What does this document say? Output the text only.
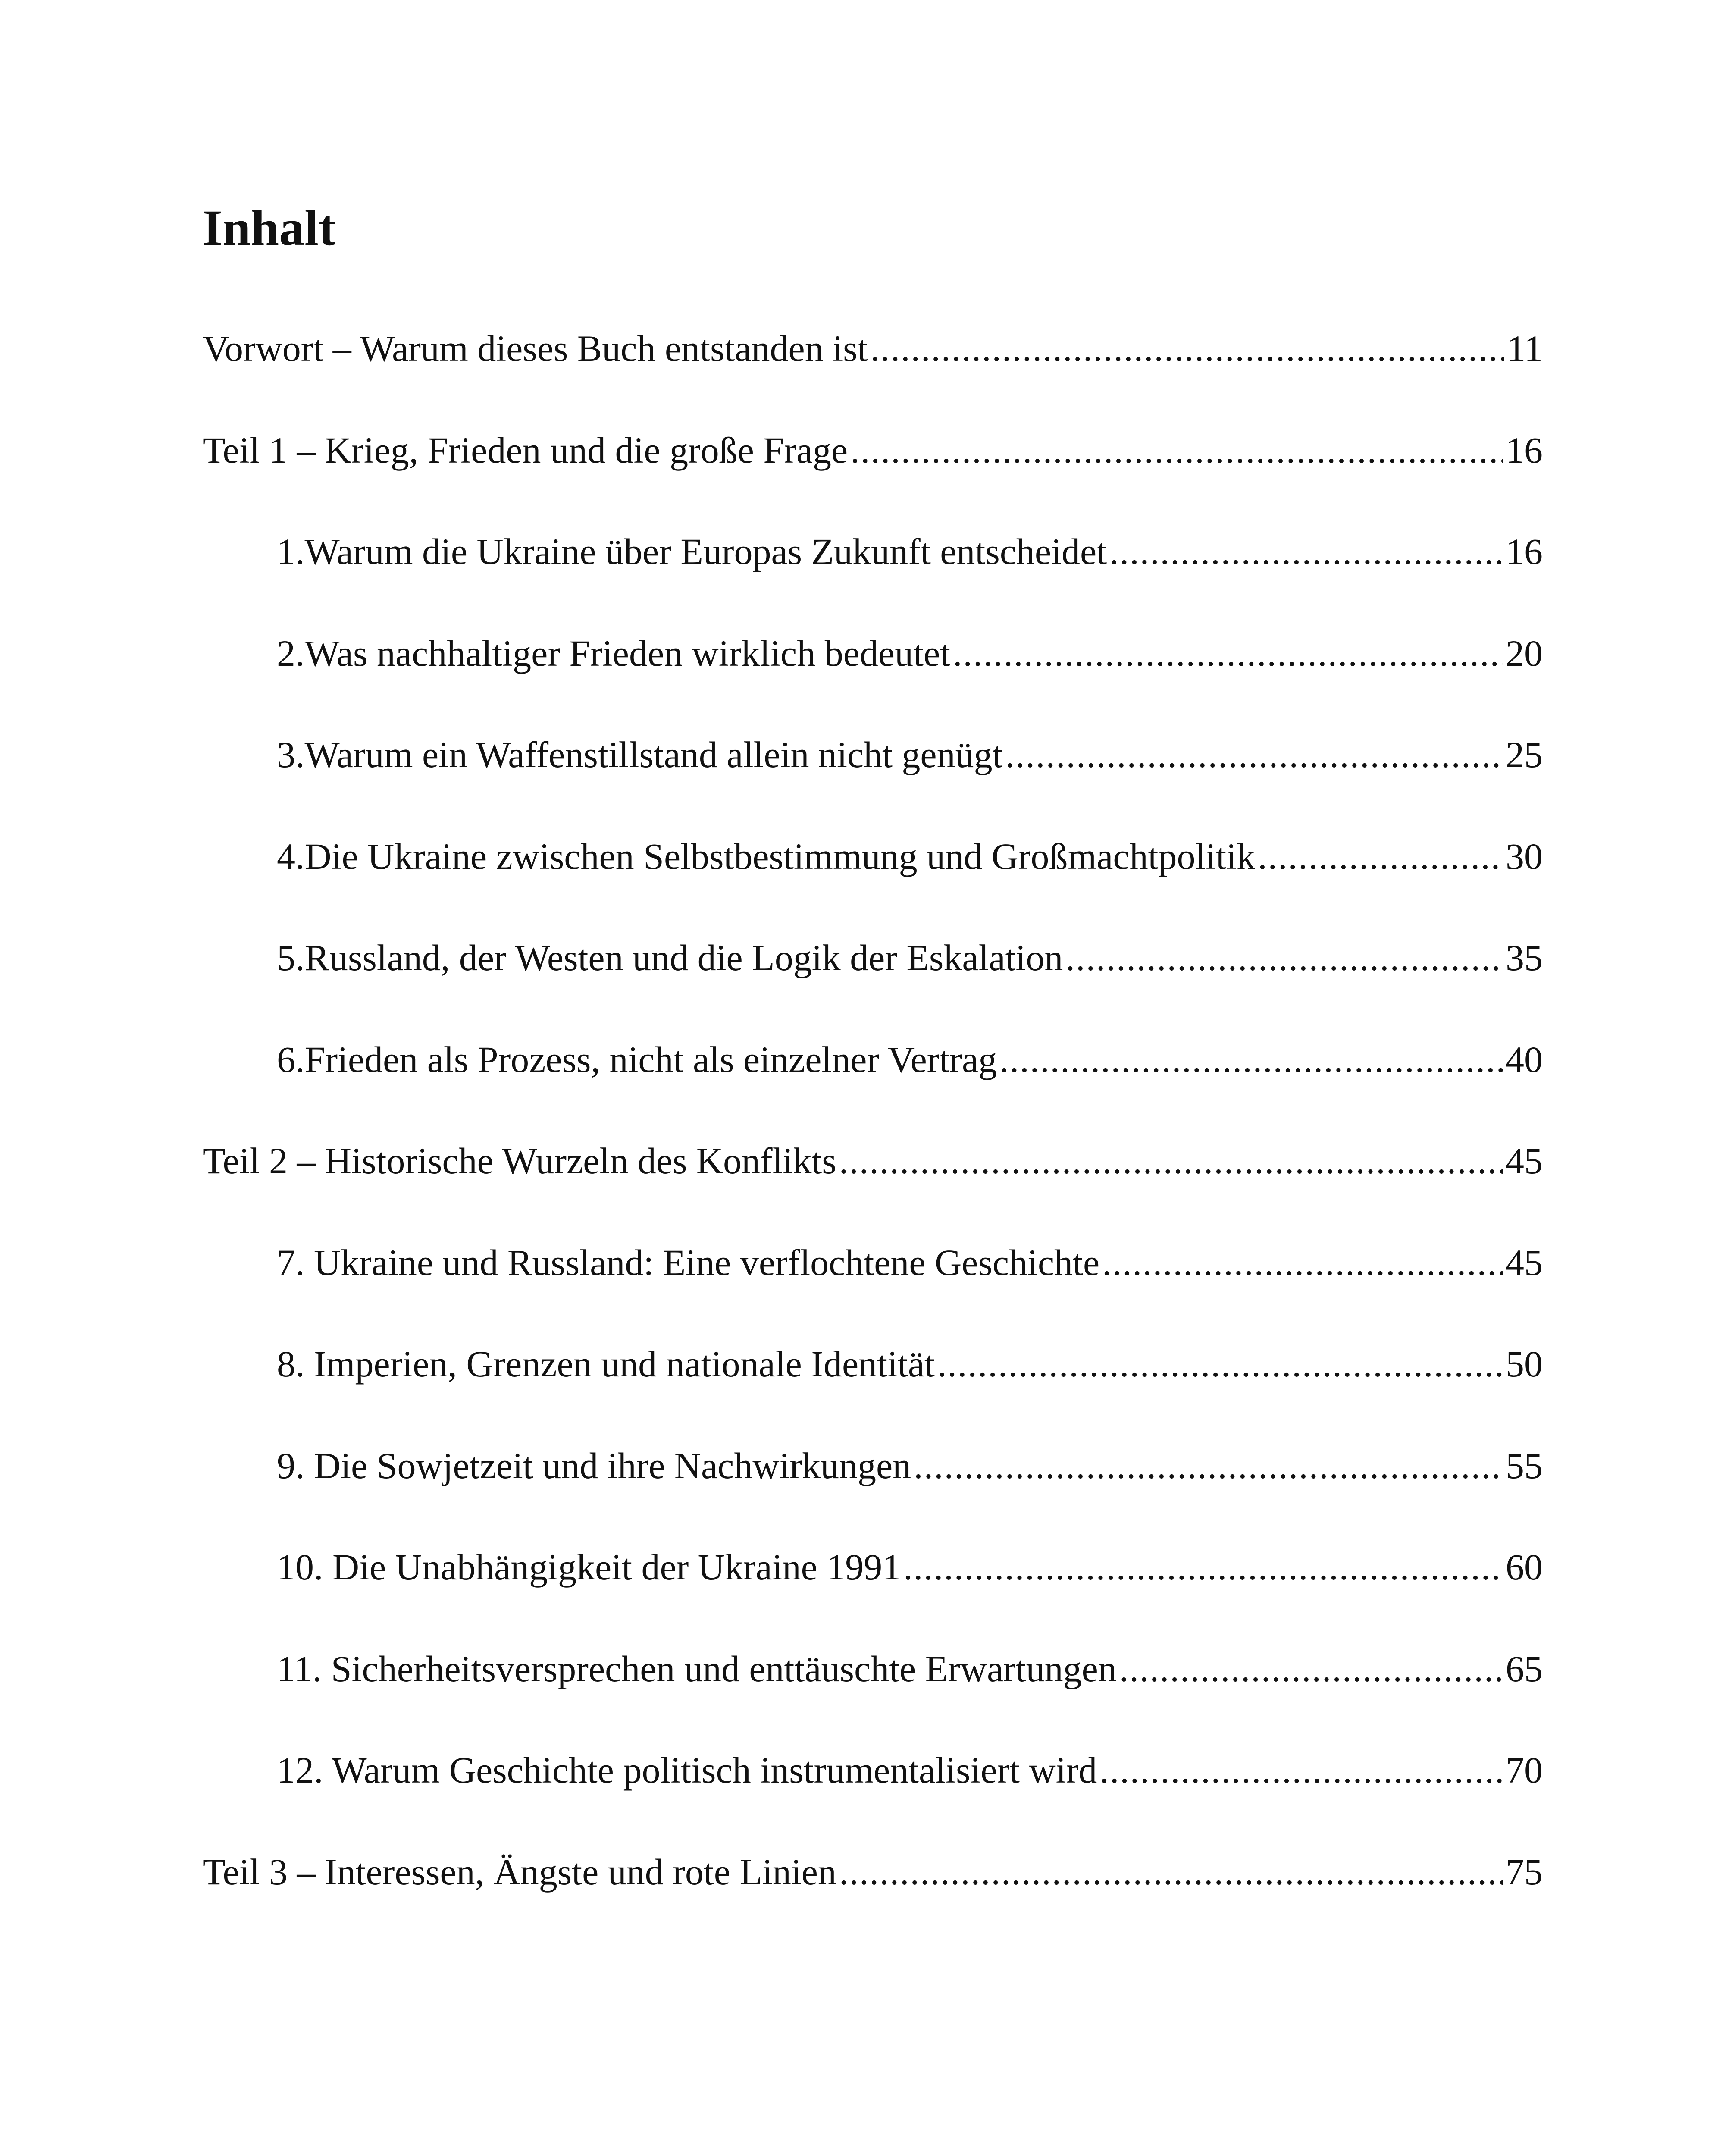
Inhalt
Vorwort – Warum dieses Buch entstanden ist .....	11
Teil 1 – Krieg, Frieden und die große Frage .....	16
1.Warum die Ukraine über Europas Zukunft entscheidet .....	16
2.Was nachhaltiger Frieden wirklich bedeutet .....	20
3.Warum ein Waffenstillstand allein nicht genügt .....	25
4.Die Ukraine zwischen Selbstbestimmung und Großmachtpolitik .....	30
5.Russland, der Westen und die Logik der Eskalation .....	35
6.Frieden als Prozess, nicht als einzelner Vertrag .....	40
Teil 2 – Historische Wurzeln des Konflikts .....	45
7. Ukraine und Russland: Eine verflochtene Geschichte .....	45
8. Imperien, Grenzen und nationale Identität .....	50
9. Die Sowjetzeit und ihre Nachwirkungen .....	55
10. Die Unabhängigkeit der Ukraine 1991 .....	60
11. Sicherheitsversprechen und enttäuschte Erwartungen .....	65
12. Warum Geschichte politisch instrumentalisiert wird .....	70
Teil 3 – Interessen, Ängste und rote Linien .....	75
